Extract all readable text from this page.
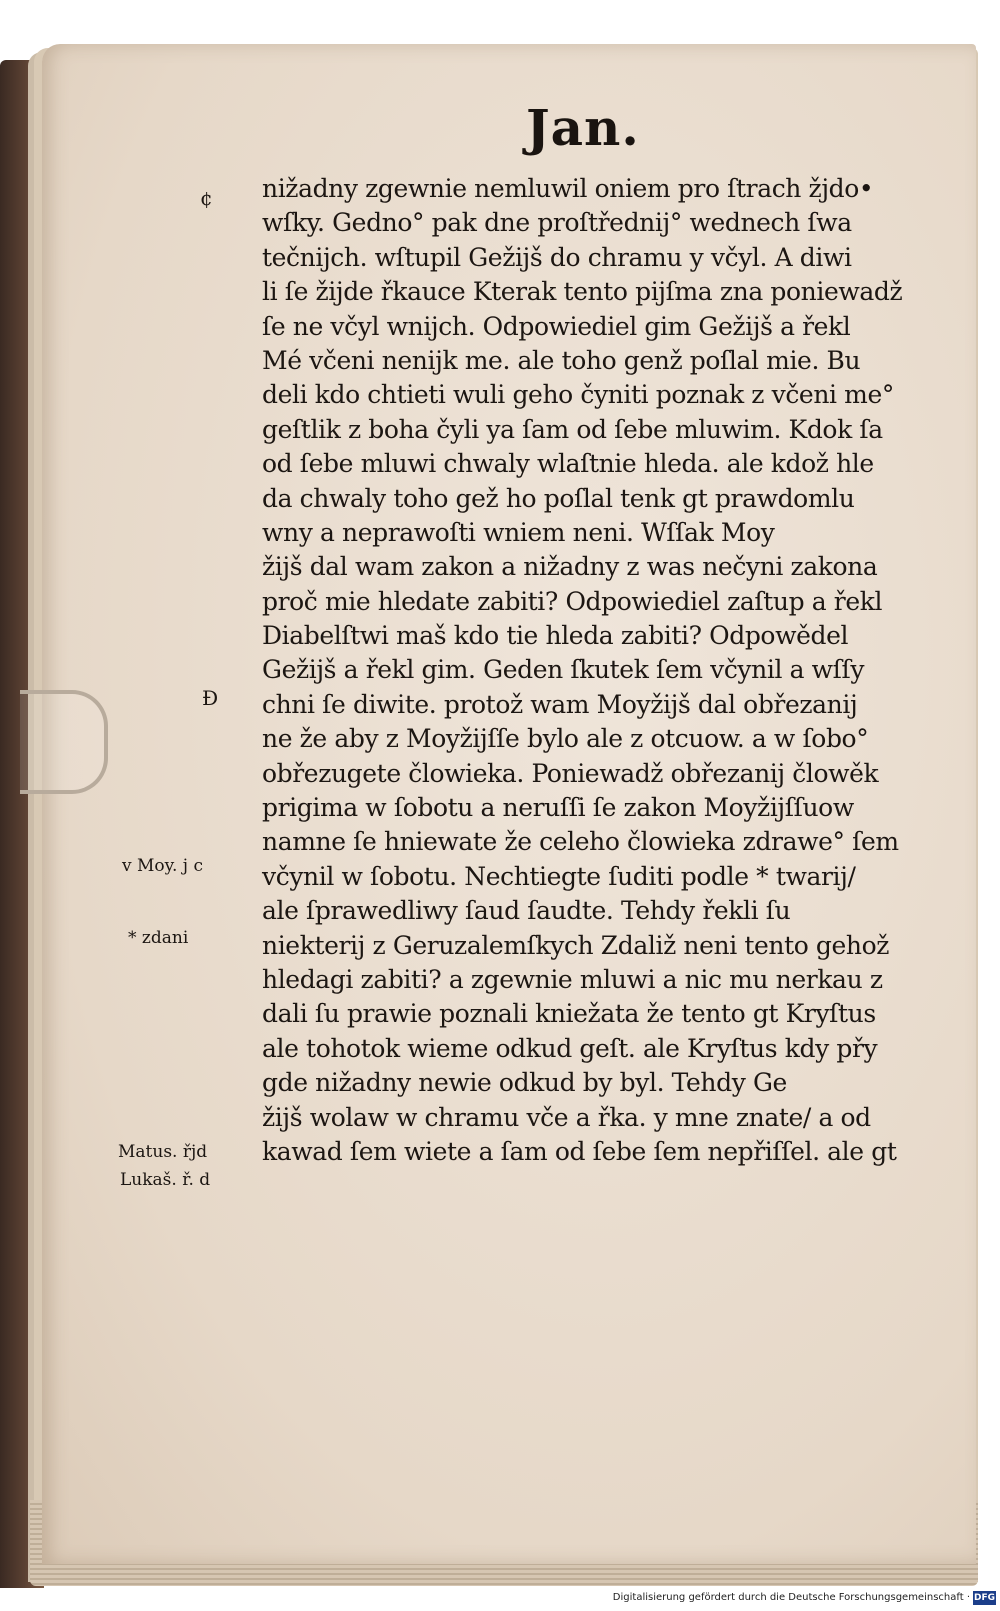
Jan.
¢
Ð
v Moy. j c
* zdani
Matus. řjd
Lukaš. ř. d
nižadny zgewnie nemluwil oniem pro ſtrach žjdo•
wſky. Gedno° pak dne proſtřednij° wednech ſwa
tečnijch. wſtupil Gežijš do chramu y včyl. A diwi
li ſe žijde řkauce Kterak tento pijſma zna poniewadž
ſe ne včyl wnijch. Odpowiediel gim Gežijš a řekl
Mé včeni nenijk me. ale toho genž poſlal mie. Bu
deli kdo chtieti wuli geho čyniti poznak z včeni me°
geſtlik z boha čyli ya ſam od ſebe mluwim. Kdok ſa
od ſebe mluwi chwaly wlaſtnie hleda. ale kdož hle
da chwaly toho gež ho poſlal tenk gt prawdomlu
wny a neprawoſti wniem neni. Wſſak Moy
žijš dal wam zakon a nižadny z was nečyni zakona
proč mie hledate zabiti? Odpowiediel zaſtup a řekl
Diabelſtwi maš kdo tie hleda zabiti? Odpowědel
Gežijš a řekl gim. Geden ſkutek ſem včynil a wſſy
chni ſe diwite. protož wam Moyžijš dal obřezanij
ne že aby z Moyžijſſe bylo ale z otcuow. a w ſobo°
obřezugete člowieka. Poniewadž obřezanij člowěk
prigima w ſobotu a neruſſi ſe zakon Moyžijſſuow
namne ſe hniewate že celeho člowieka zdrawe° ſem
včynil w ſobotu. Nechtiegte ſuditi podle * twarij/
ale ſprawedliwy ſaud ſaudte. Tehdy řekli ſu
niekterij z Geruzalemſkych Zdaliž neni tento gehož
hledagi zabiti? a zgewnie mluwi a nic mu nerkau z
dali ſu prawie poznali kniežata že tento gt Kryſtus
ale tohotok wieme odkud geſt. ale Kryſtus kdy přy
gde nižadny newie odkud by byl. Tehdy Ge
žijš wolaw w chramu vče a řka. y mne znate/ a od
kawad ſem wiete a ſam od ſebe ſem nepřiſſel. ale gt
Digitalisierung gefördert durch die Deutsche Forschungsgemeinschaft · DFG
